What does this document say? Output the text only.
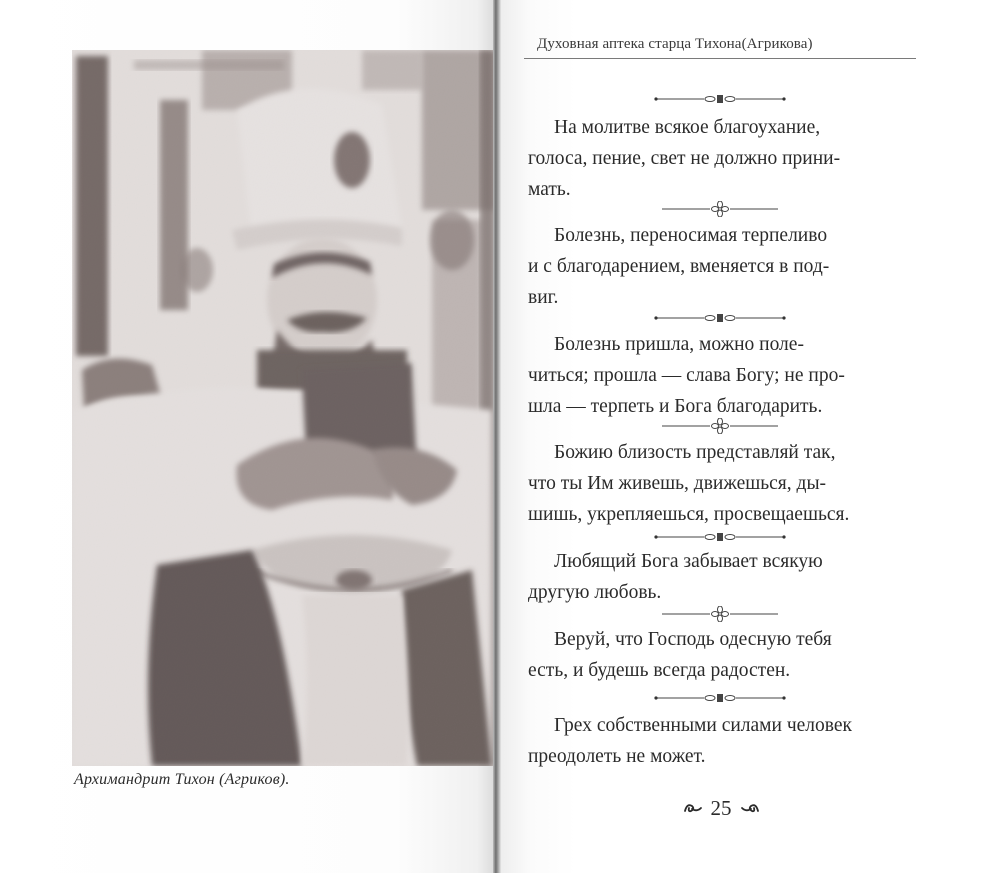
Архимандрит Тихон (Агриков).
Духовная аптека старца Тихона(Агрикова)
На молитве всякое благоухание,
голоса, пение, свет не должно прини-
мать.
Болезнь, переносимая терпеливо
и с благодарением, вменяется в под-
виг.
Болезнь пришла, можно поле-
читься; прошла — слава Богу; не про-
шла — терпеть и Бога благодарить.
Божию близость представляй так,
что ты Им живешь, движешься, ды-
шишь, укрепляешься, просвещаешься.
Любящий Бога забывает всякую
другую любовь.
Веруй, что Господь одесную тебя
есть, и будешь всегда радостен.
Грех собственными силами человек
преодолеть не может.
25
